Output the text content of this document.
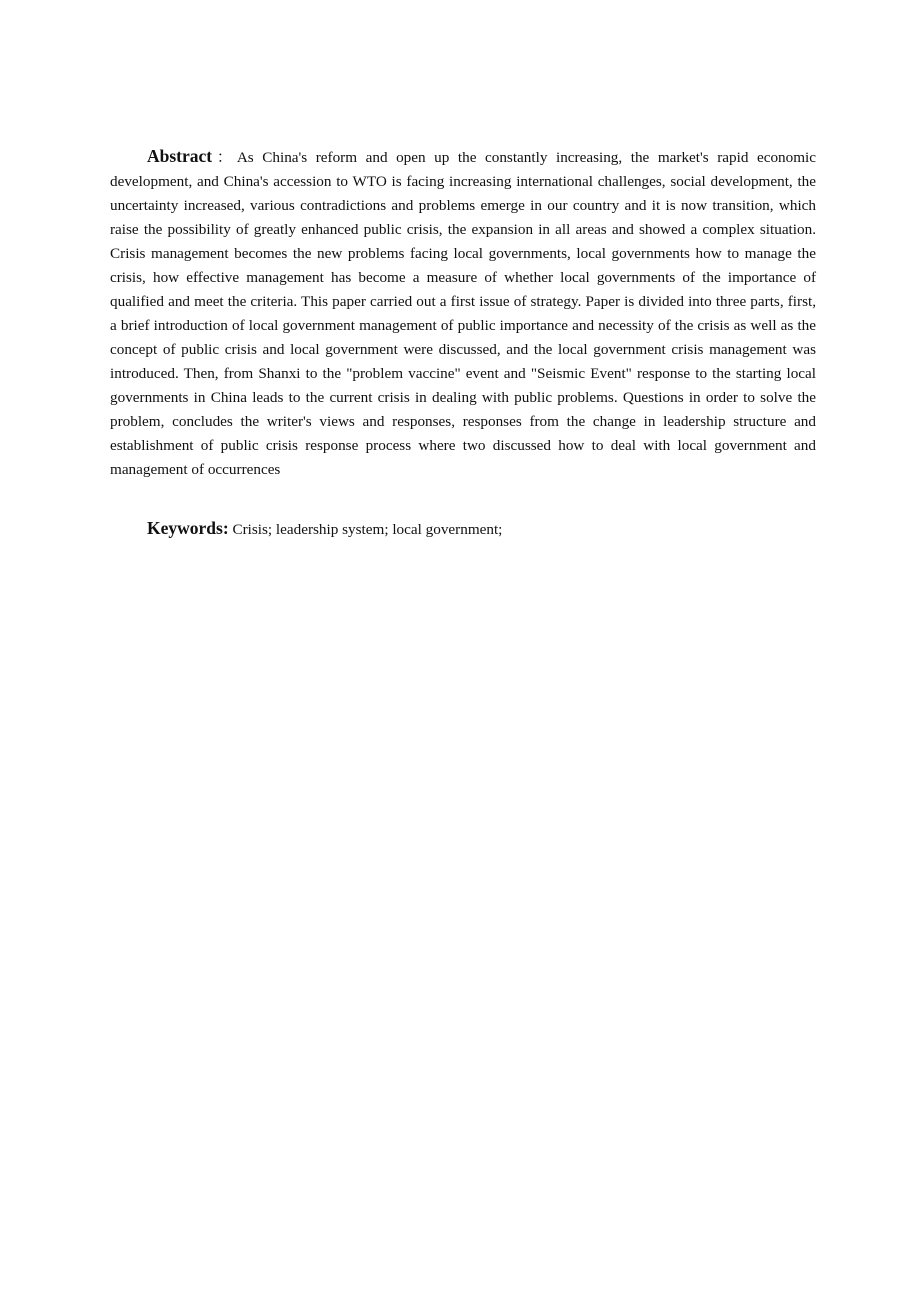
Abstract：As China's reform and open up the constantly increasing, the market's rapid economic development, and China's accession to WTO is facing increasing international challenges, social development, the uncertainty increased, various contradictions and problems emerge in our country and it is now transition, which raise the possibility of greatly enhanced public crisis, the expansion in all areas and showed a complex situation. Crisis management becomes the new problems facing local governments, local governments how to manage the crisis, how effective management has become a measure of whether local governments of the importance of qualified and meet the criteria. This paper carried out a first issue of strategy. Paper is divided into three parts, first, a brief introduction of local government management of public importance and necessity of the crisis as well as the concept of public crisis and local government were discussed, and the local government crisis management was introduced. Then, from Shanxi to the "problem vaccine" event and "Seismic Event" response to the starting local governments in China leads to the current crisis in dealing with public problems. Questions in order to solve the problem, concludes the writer's views and responses, responses from the change in leadership structure and establishment of public crisis response process where two discussed how to deal with local government and management of occurrences

Keywords: Crisis; leadership system; local government;
